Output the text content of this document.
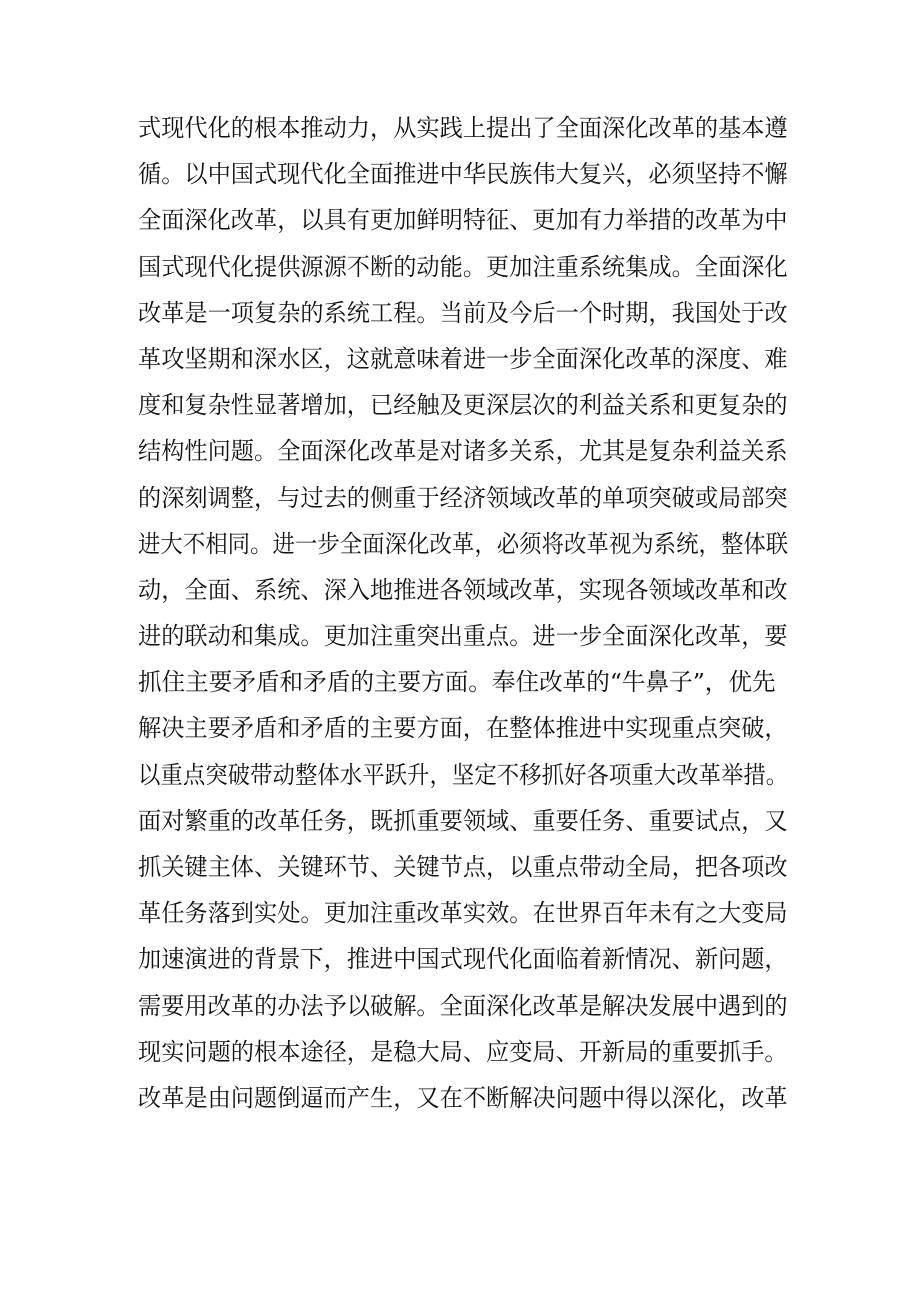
式现代化的根本推动力，从实践上提出了全面深化改革的基本遵
循。以中国式现代化全面推进中华民族伟大复兴，必须坚持不懈
全面深化改革，以具有更加鲜明特征、更加有力举措的改革为中
国式现代化提供源源不断的动能。更加注重系统集成。全面深化
改革是一项复杂的系统工程。当前及今后一个时期，我国处于改
革攻坚期和深水区，这就意味着进一步全面深化改革的深度、难
度和复杂性显著增加，已经触及更深层次的利益关系和更复杂的
结构性问题。全面深化改革是对诸多关系，尤其是复杂利益关系
的深刻调整，与过去的侧重于经济领域改革的单项突破或局部突
进大不相同。进一步全面深化改革，必须将改革视为系统，整体联
动，全面、系统、深入地推进各领域改革，实现各领域改革和改
进的联动和集成。更加注重突出重点。进一步全面深化改革，要
抓住主要矛盾和矛盾的主要方面。奉住改革的“牛鼻子”，优先
解决主要矛盾和矛盾的主要方面，在整体推进中实现重点突破，
以重点突破带动整体水平跃升，坚定不移抓好各项重大改革举措。
面对繁重的改革任务，既抓重要领域、重要任务、重要试点，又
抓关键主体、关键环节、关键节点，以重点带动全局，把各项改
革任务落到实处。更加注重改革实效。在世界百年未有之大变局
加速演进的背景下，推进中国式现代化面临着新情况、新问题，
需要用改革的办法予以破解。全面深化改革是解决发展中遇到的
现实问题的根本途径，是稳大局、应变局、开新局的重要抓手。
改革是由问题倒逼而产生，又在不断解决问题中得以深化，改革
